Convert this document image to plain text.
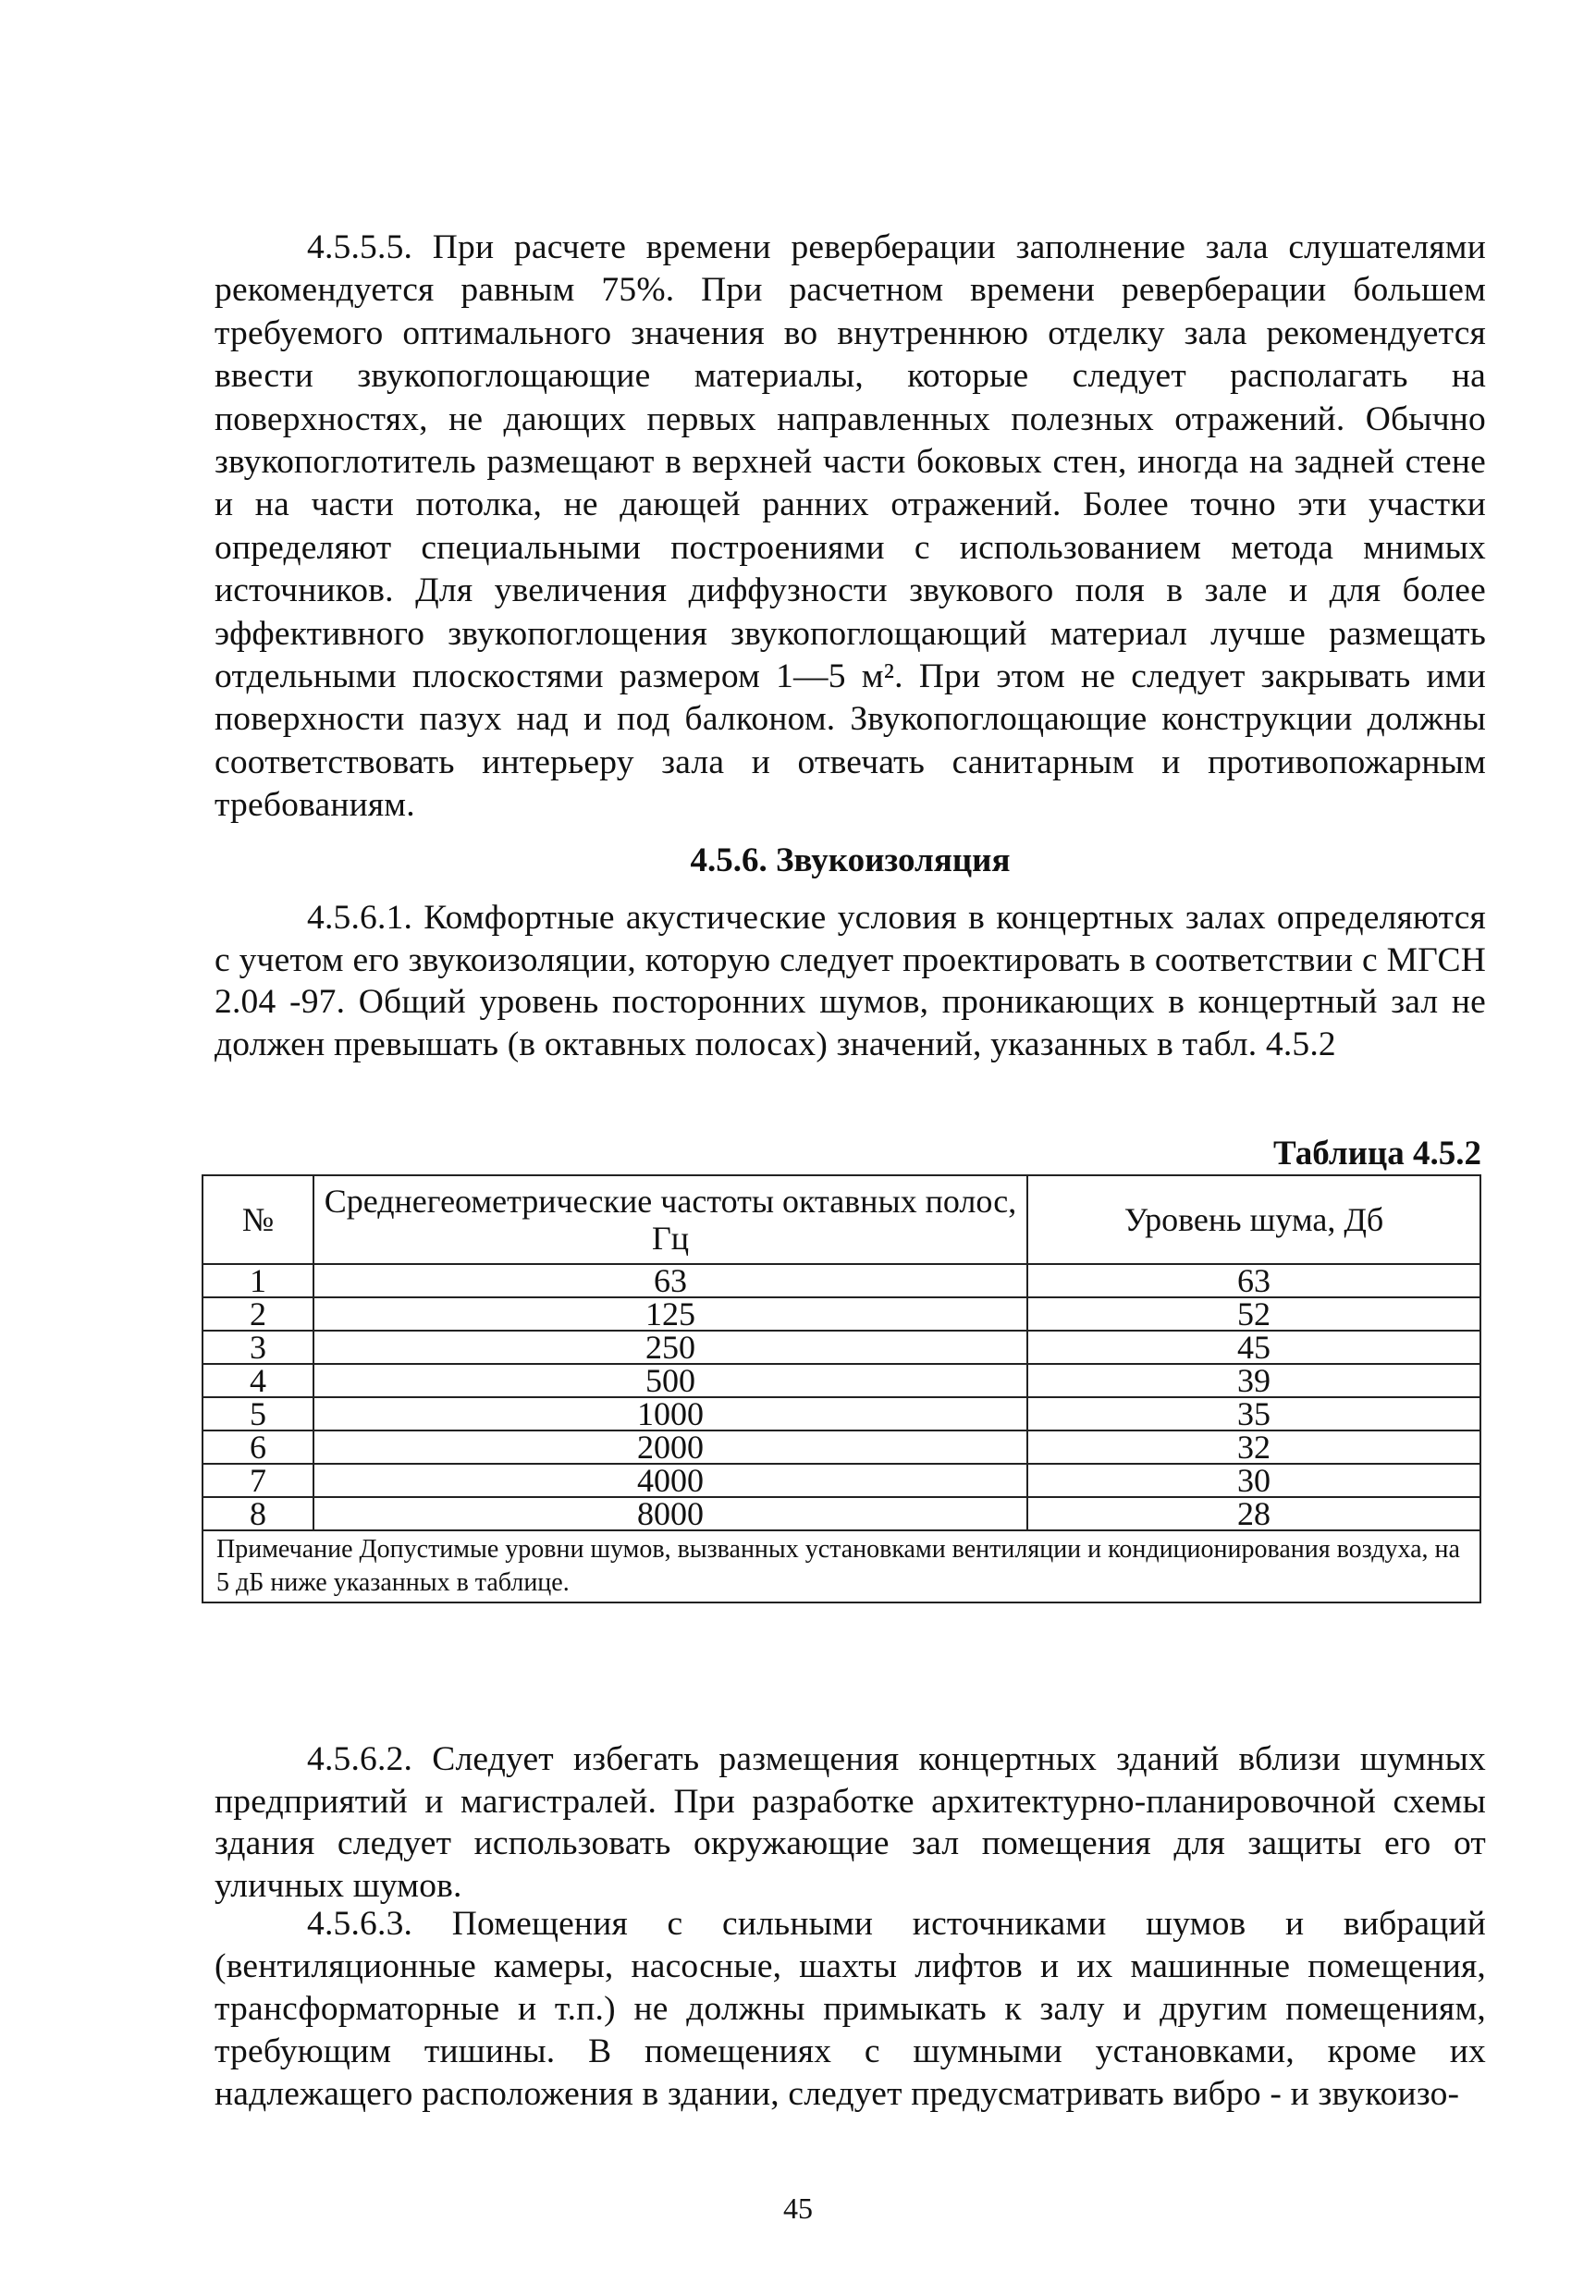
4.5.5.5. При расчете времени реверберации заполнение зала слушателями рекомендуется равным 75%. При расчетном времени реверберации большем требуемого оптимального значения во внутреннюю отделку зала рекомендуется ввести звукопоглощающие материалы, которые следует располагать на поверхностях, не дающих первых направленных полезных отражений. Обычно звукопоглотитель размещают в верхней части боковых стен, иногда на задней стене и на части потолка, не дающей ранних отражений. Более точно эти участки определяют специальными построениями с использованием метода мнимых источников. Для увеличения диффузности звукового поля в зале и для более эффективного звукопоглощения звукопоглощающий материал лучше размещать отдельными плоскостями размером 1—5 м². При этом не следует закрывать ими поверхности пазух над и под балконом. Звукопоглощающие конструкции должны соответствовать интерьеру зала и отвечать санитарным и противопожарным требованиям.

4.5.6. Звукоизоляция

4.5.6.1. Комфортные акустические условия в концертных залах определяются с учетом его звукоизоляции, которую следует проектировать в соответствии с МГСН 2.04 -97. Общий уровень посторонних шумов, проникающих в концертный зал не должен превышать (в октавных полосах) значений, указанных в табл. 4.5.2

Таблица 4.5.2

№	Среднегеометрические частоты октавных полос, Гц	Уровень шума, Дб
1	63	63
2	125	52
3	250	45
4	500	39
5	1000	35
6	2000	32
7	4000	30
8	8000	28
Примечание Допустимые уровни шумов, вызванных установками вентиляции и кондиционирования воздуха, на 5 дБ ниже указанных в таблице.		

4.5.6.2. Следует избегать размещения концертных зданий вблизи шумных предприятий и магистралей. При разработке архитектурно-планировочной схемы здания следует использовать окружающие зал помещения для защиты его от уличных шумов.

4.5.6.3. Помещения с сильными источниками шумов и вибраций (вентиляционные камеры, насосные, шахты лифтов и их машинные помещения, трансформаторные и т.п.) не должны примыкать к залу и другим помещениям, требующим тишины. В помещениях с шумными установками, кроме их надлежащего расположения в здании, следует предусматривать вибро - и звукоизо-

45
